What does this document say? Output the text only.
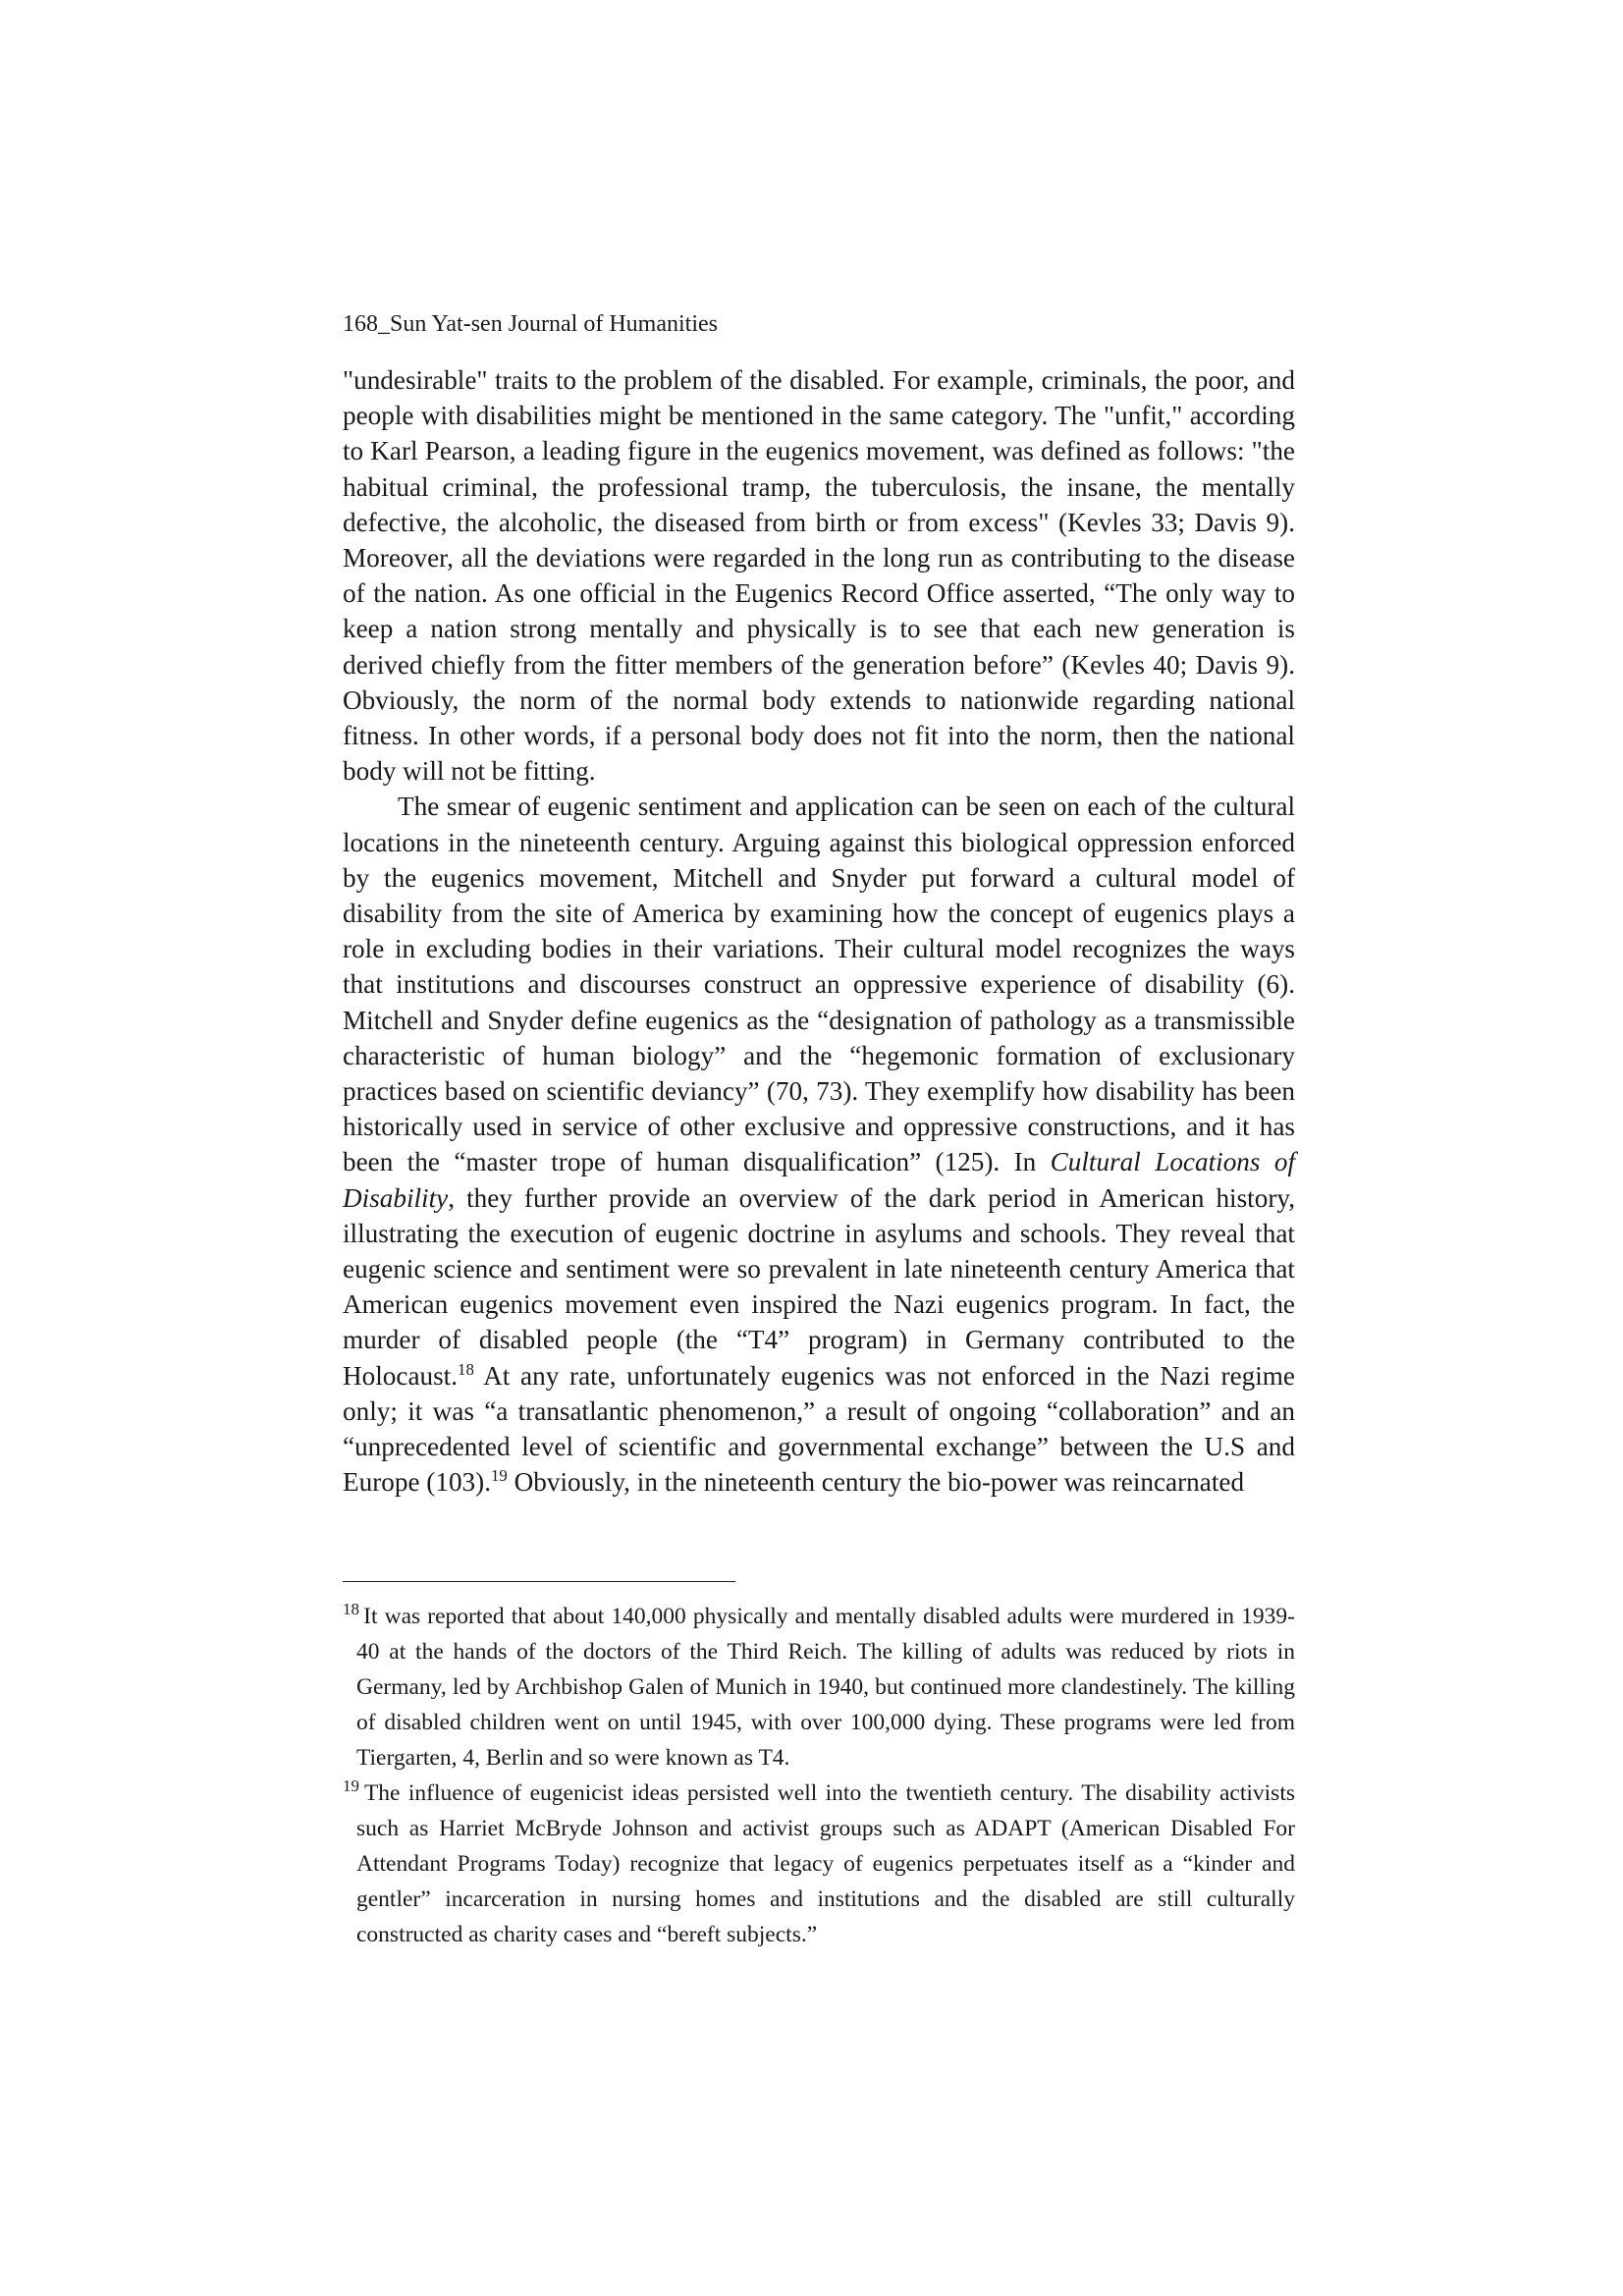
168_Sun Yat-sen Journal of Humanities

"undesirable" traits to the problem of the disabled. For example, criminals, the poor, and people with disabilities might be mentioned in the same category. The "unfit," according to Karl Pearson, a leading figure in the eugenics movement, was defined as follows: "the habitual criminal, the professional tramp, the tuberculosis, the insane, the mentally defective, the alcoholic, the diseased from birth or from excess" (Kevles 33; Davis 9). Moreover, all the deviations were regarded in the long run as contributing to the disease of the nation. As one official in the Eugenics Record Office asserted, “The only way to keep a nation strong mentally and physically is to see that each new generation is derived chiefly from the fitter members of the generation before” (Kevles 40; Davis 9). Obviously, the norm of the normal body extends to nationwide regarding national fitness. In other words, if a personal body does not fit into the norm, then the national body will not be fitting.

The smear of eugenic sentiment and application can be seen on each of the cultural locations in the nineteenth century. Arguing against this biological oppression enforced by the eugenics movement, Mitchell and Snyder put forward a cultural model of disability from the site of America by examining how the concept of eugenics plays a role in excluding bodies in their variations. Their cultural model recognizes the ways that institutions and discourses construct an oppressive experience of disability (6). Mitchell and Snyder define eugenics as the “designation of pathology as a transmissible characteristic of human biology” and the “hegemonic formation of exclusionary practices based on scientific deviancy” (70, 73). They exemplify how disability has been historically used in service of other exclusive and oppressive constructions, and it has been the “master trope of human disqualification” (125). In Cultural Locations of Disability, they further provide an overview of the dark period in American history, illustrating the execution of eugenic doctrine in asylums and schools. They reveal that eugenic science and sentiment were so prevalent in late nineteenth century America that American eugenics movement even inspired the Nazi eugenics program. In fact, the murder of disabled people (the “T4” program) in Germany contributed to the Holocaust.$^{18}$ At any rate, unfortunately eugenics was not enforced in the Nazi regime only; it was “a transatlantic phenomenon,” a result of ongoing “collaboration” and an “unprecedented level of scientific and governmental exchange” between the U.S and Europe (103).$^{19}$ Obviously, in the nineteenth century the bio-power was reincarnated

$^{18}$ It was reported that about 140,000 physically and mentally disabled adults were murdered in 1939-40 at the hands of the doctors of the Third Reich. The killing of adults was reduced by riots in Germany, led by Archbishop Galen of Munich in 1940, but continued more clandestinely. The killing of disabled children went on until 1945, with over 100,000 dying. These programs were led from Tiergarten, 4, Berlin and so were known as T4.

$^{19}$ The influence of eugenicist ideas persisted well into the twentieth century. The disability activists such as Harriet McBryde Johnson and activist groups such as ADAPT (American Disabled For Attendant Programs Today) recognize that legacy of eugenics perpetuates itself as a “kinder and gentler” incarceration in nursing homes and institutions and the disabled are still culturally constructed as charity cases and “bereft subjects.”
